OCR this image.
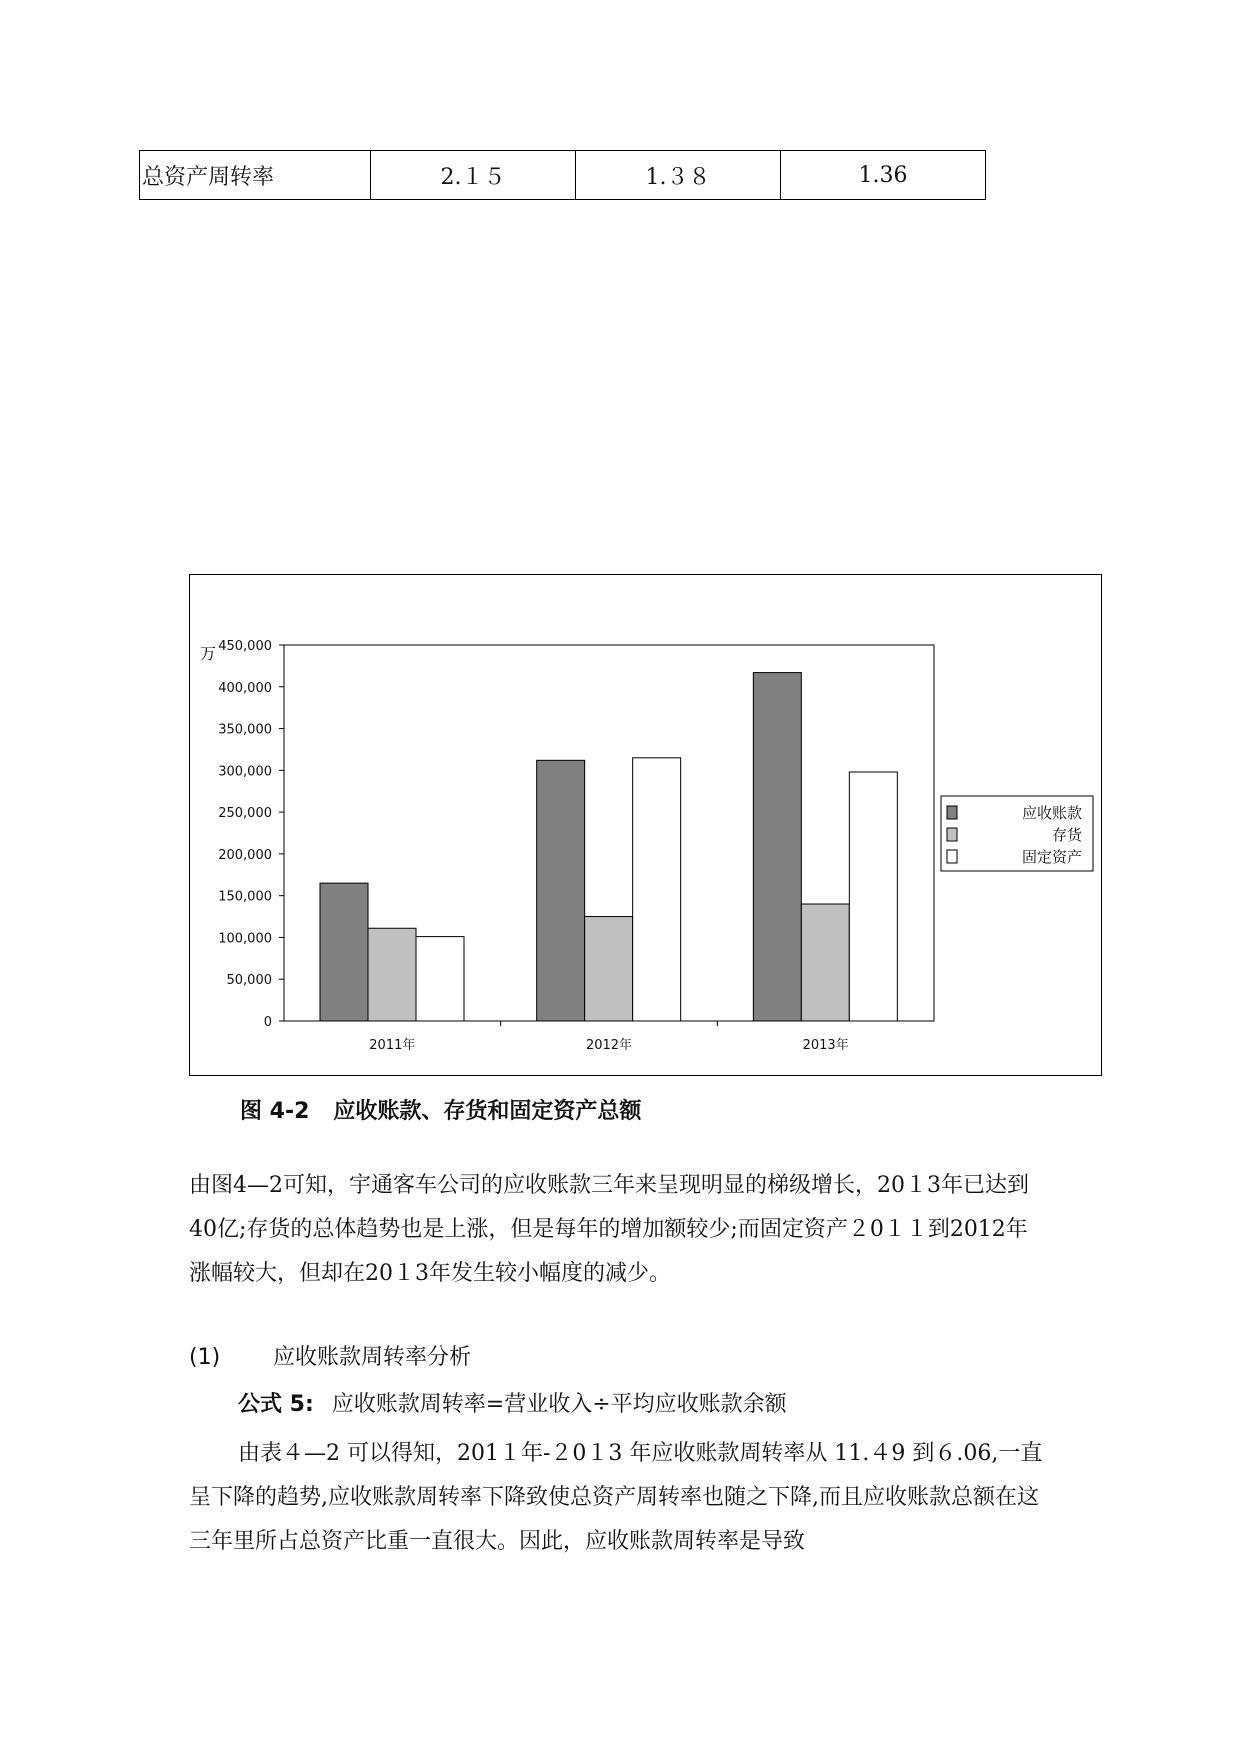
总资产周转率	2.１５	1.３８	1.36
0
50,000
100,000
150,000
200,000
250,000
300,000
350,000
400,000
450,000
万
2011年	2012年	2013年
应收账款
存货
固定资产
图 4-2 应收账款、存货和固定资产总额
由图4—2可知，宇通客车公司的应收账款三年来呈现明显的梯级增长，20１3年已达到40亿;存货的总体趋势也是上涨，但是每年的增加额较少;而固定资产２0１１到2012年涨幅较大，但却在20１3年发生较小幅度的减少。
(1) 应收账款周转率分析
公式 5: 应收账款周转率=营业收入÷平均应收账款余额
由表４—2 可以得知，201１年-２0１3 年应收账款周转率从 11.４9 到６.06,一直呈下降的趋势,应收账款周转率下降致使总资产周转率也随之下降,而且应收账款总额在这三年里所占总资产比重一直很大。因此，应收账款周转率是导致
